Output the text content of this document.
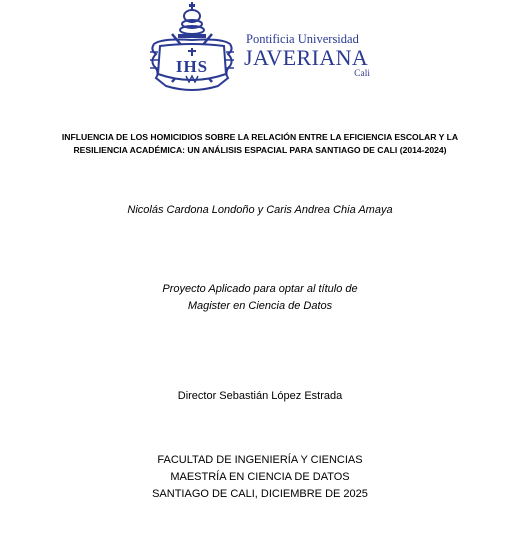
IHS
Pontificia Universidad
JAVERIANA
Cali
INFLUENCIA DE LOS HOMICIDIOS SOBRE LA RELACIÓN ENTRE LA EFICIENCIA ESCOLAR Y LA
RESILIENCIA ACADÉMICA: UN ANÁLISIS ESPACIAL PARA SANTIAGO DE CALI (2014-2024)
Nicolás Cardona Londoño y Caris Andrea Chia Amaya
Proyecto Aplicado para optar al título de
Magister en Ciencia de Datos
Director Sebastián López Estrada
FACULTAD DE INGENIERÍA Y CIENCIAS
MAESTRÍA EN CIENCIA DE DATOS
SANTIAGO DE CALI, DICIEMBRE DE 2025
